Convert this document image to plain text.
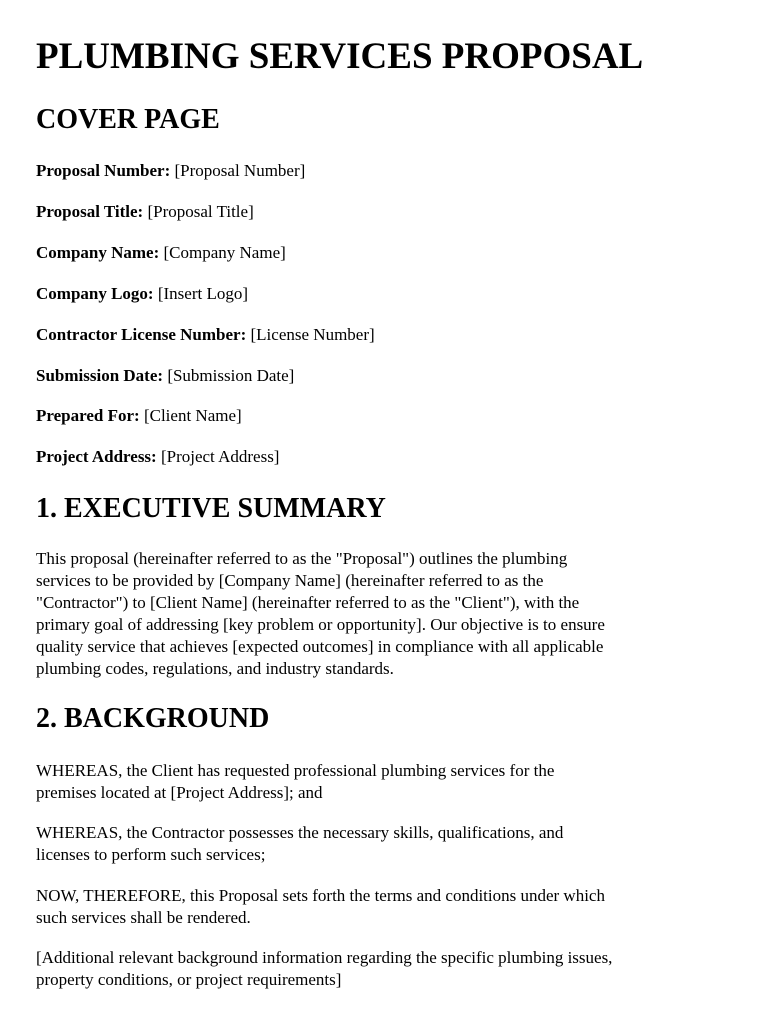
PLUMBING SERVICES PROPOSAL
COVER PAGE

Proposal Number: [Proposal Number]

Proposal Title: [Proposal Title]

Company Name: [Company Name]

Company Logo: [Insert Logo]

Contractor License Number: [License Number]

Submission Date: [Submission Date]

Prepared For: [Client Name]

Project Address: [Project Address]

1. EXECUTIVE SUMMARY

This proposal (hereinafter referred to as the "Proposal") outlines the plumbing
services to be provided by [Company Name] (hereinafter referred to as the
"Contractor") to [Client Name] (hereinafter referred to as the "Client"), with the
primary goal of addressing [key problem or opportunity]. Our objective is to ensure
quality service that achieves [expected outcomes] in compliance with all applicable
plumbing codes, regulations, and industry standards.

2. BACKGROUND

WHEREAS, the Client has requested professional plumbing services for the
premises located at [Project Address]; and

WHEREAS, the Contractor possesses the necessary skills, qualifications, and
licenses to perform such services;

NOW, THEREFORE, this Proposal sets forth the terms and conditions under which
such services shall be rendered.

[Additional relevant background information regarding the specific plumbing issues,
property conditions, or project requirements]
